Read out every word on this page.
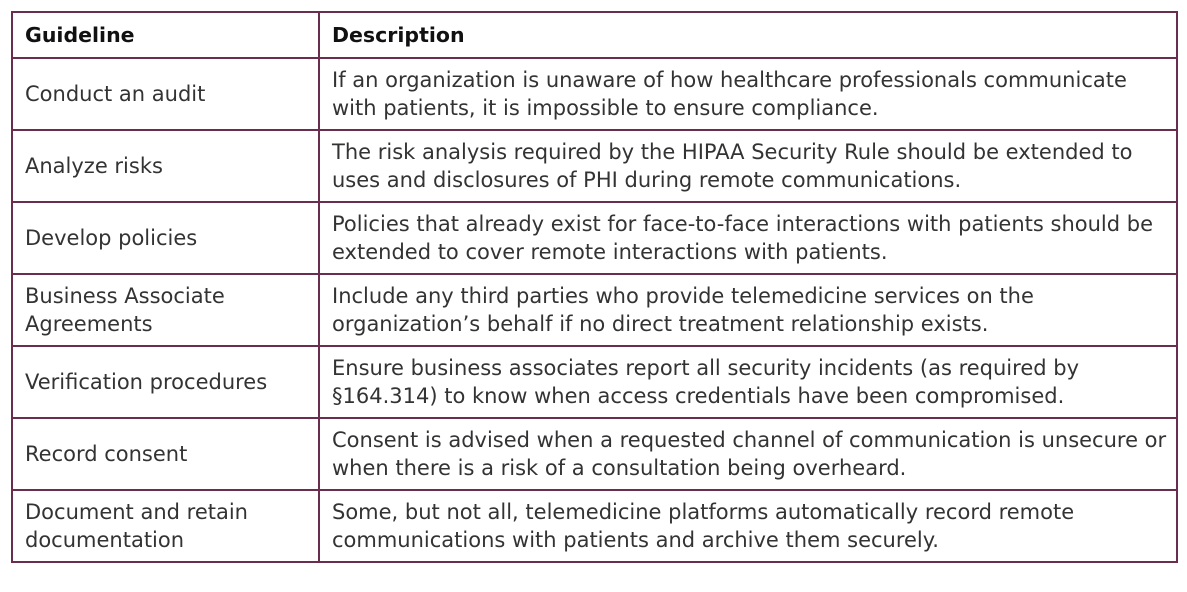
Guideline	Description
Conduct an audit	If an organization is unaware of how healthcare professionals communicate with patients, it is impossible to ensure compliance.
Analyze risks	The risk analysis required by the HIPAA Security Rule should be extended to uses and disclosures of PHI during remote communications.
Develop policies	Policies that already exist for face-to-face interactions with patients should be extended to cover remote interactions with patients.
Business Associate Agreements	Include any third parties who provide telemedicine services on the organization’s behalf if no direct treatment relationship exists.
Verification procedures	Ensure business associates report all security incidents (as required by §164.314) to know when access credentials have been compromised.
Record consent	Consent is advised when a requested channel of communication is unsecure or when there is a risk of a consultation being overheard.
Document and retain documentation	Some, but not all, telemedicine platforms automatically record remote communications with patients and archive them securely.
